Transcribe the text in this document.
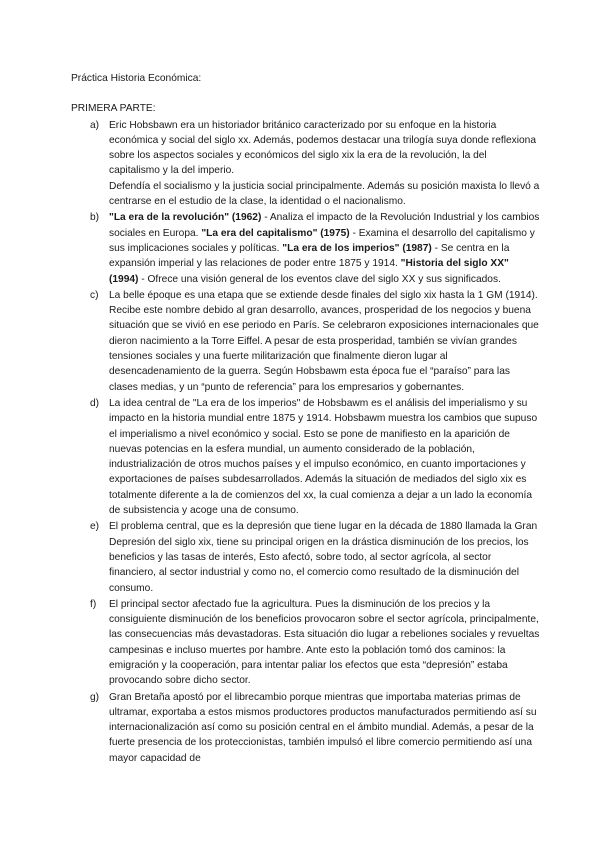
Práctica Historia Económica:
PRIMERA PARTE:
a) Eric Hobsbawn era un historiador británico caracterizado por su enfoque en la historia económica y social del siglo xx. Además, podemos destacar una trilogía suya donde reflexiona sobre los aspectos sociales y económicos del siglo xix la era de la revolución, la del capitalismo y la del imperio.
Defendía el socialismo y la justicia social principalmente. Además su posición maxista lo llevó a centrarse en el estudio de la clase, la identidad o el nacionalismo.
b) "La era de la revolución" (1962) - Analiza el impacto de la Revolución Industrial y los cambios sociales en Europa. "La era del capitalismo" (1975) - Examina el desarrollo del capitalismo y sus implicaciones sociales y políticas. "La era de los imperios" (1987) - Se centra en la expansión imperial y las relaciones de poder entre 1875 y 1914. "Historia del siglo XX" (1994) - Ofrece una visión general de los eventos clave del siglo XX y sus significados.
c) La belle époque es una etapa que se extiende desde finales del siglo xix hasta la 1 GM (1914). Recibe este nombre debido al gran desarrollo, avances, prosperidad de los negocios y buena situación que se vivió en ese periodo en París. Se celebraron exposiciones internacionales que dieron nacimiento a la Torre Eiffel. A pesar de esta prosperidad, también se vivían grandes tensiones sociales y una fuerte militarización que finalmente dieron lugar al desencadenamiento de la guerra. Según Hobsbawm esta época fue el “paraíso” para las clases medias, y un “punto de referencia” para los empresarios y gobernantes.
d) La idea central de "La era de los imperios" de Hobsbawm es el análisis del imperialismo y su impacto en la historia mundial entre 1875 y 1914. Hobsbawm muestra los cambios que supuso el imperialismo a nivel económico y social. Esto se pone de manifiesto en la aparición de nuevas potencias en la esfera mundial, un aumento considerado de la población, industrialización de otros muchos países y el impulso económico, en cuanto importaciones y exportaciones de países subdesarrollados. Además la situación de mediados del siglo xix es totalmente diferente a la de comienzos del xx, la cual comienza a dejar a un lado la economía de subsistencia y acoge una de consumo.
e) El problema central, que es la depresión que tiene lugar en la década de 1880 llamada la Gran Depresión del siglo xix, tiene su principal origen en la drástica disminución de los precios, los beneficios y las tasas de interés, Esto afectó, sobre todo, al sector agrícola, al sector financiero, al sector industrial y como no, el comercio como resultado de la disminución del consumo.
f) El principal sector afectado fue la agricultura. Pues la disminución de los precios y la consiguiente disminución de los beneficios provocaron sobre el sector agrícola, principalmente, las consecuencias más devastadoras. Esta situación dio lugar a rebeliones sociales y revueltas campesinas e incluso muertes por hambre. Ante esto la población tomó dos caminos: la emigración y la cooperación, para intentar paliar los efectos que esta “depresión” estaba provocando sobre dicho sector.
g) Gran Bretaña apostó por el librecambio porque mientras que importaba materias primas de ultramar, exportaba a estos mismos productores productos manufacturados permitiendo así su internacionalización así como su posición central en el ámbito mundial. Además, a pesar de la fuerte presencia de los proteccionistas, también impulsó el libre comercio permitiendo así una mayor capacidad de
